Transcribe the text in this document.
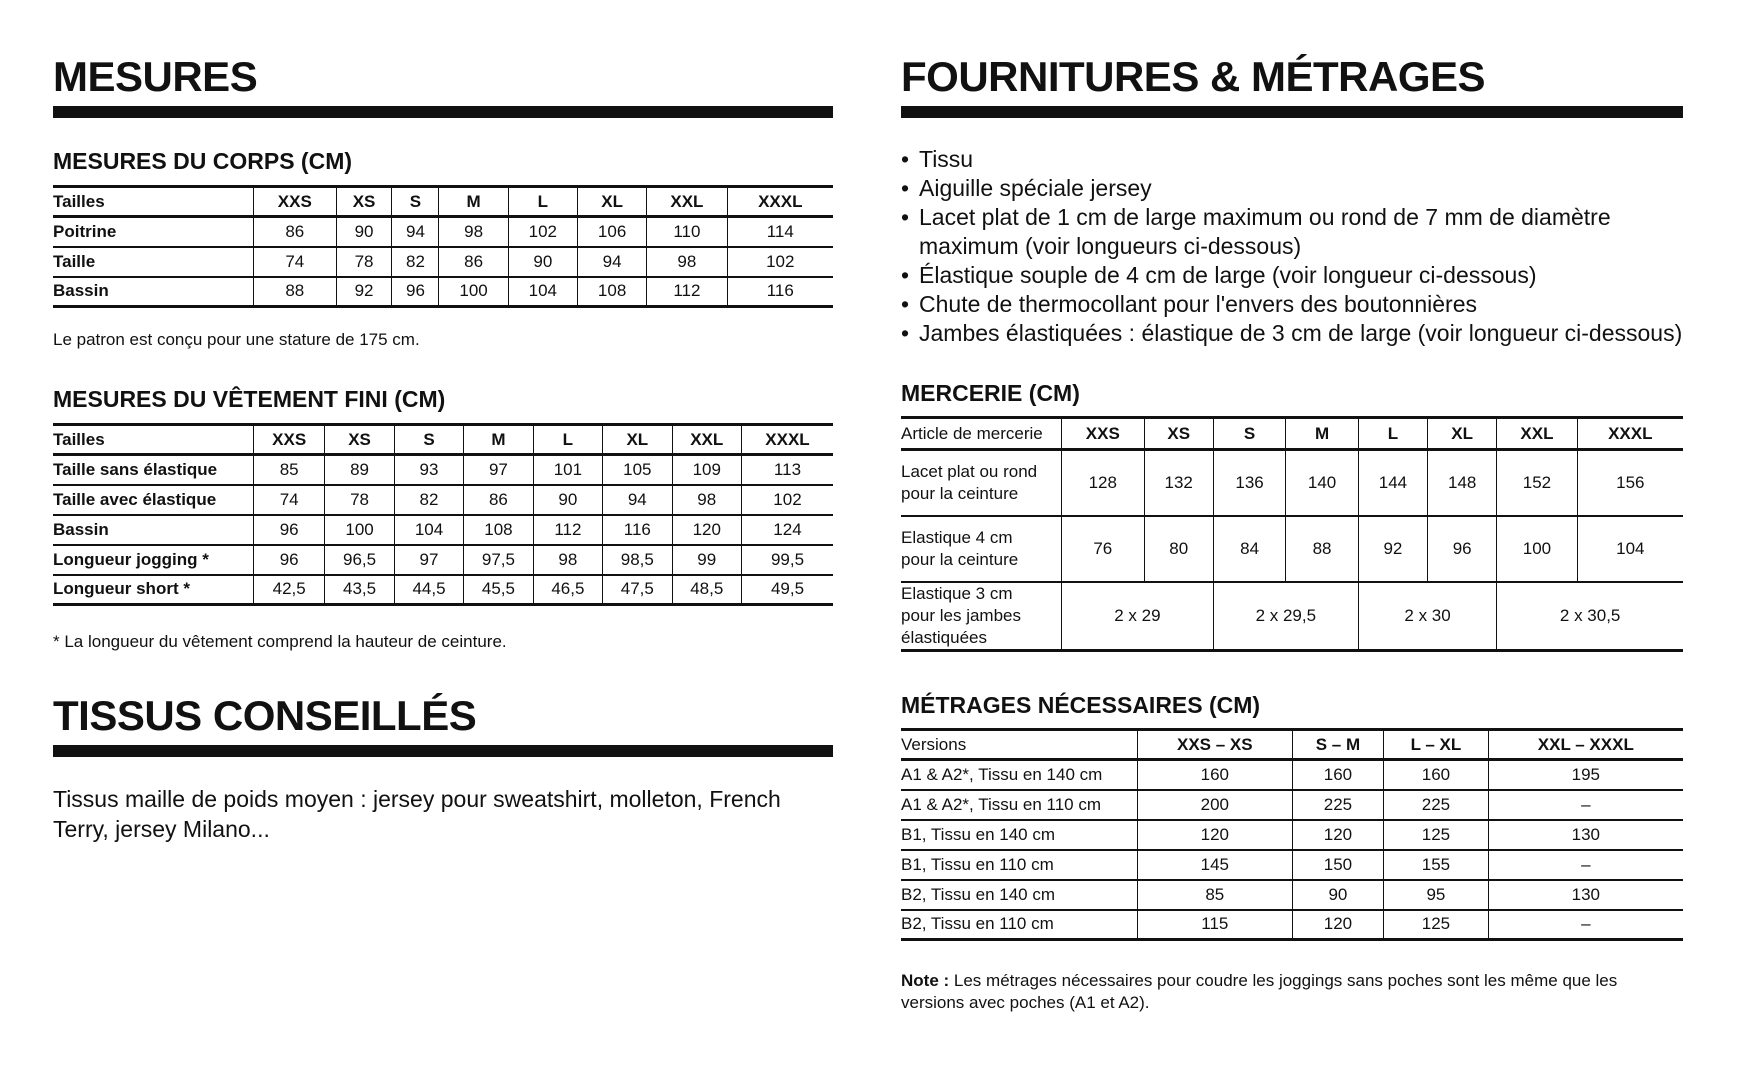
MESURES
MESURES DU CORPS (CM)
Tailles	XXS	XS	S	M	L	XL	XXL	XXXL
Poitrine	86	90	94	98	102	106	110	114
Taille	74	78	82	86	90	94	98	102
Bassin	88	92	96	100	104	108	112	116
Le patron est conçu pour une stature de 175 cm.
MESURES DU VÊTEMENT FINI (CM)
Tailles	XXS	XS	S	M	L	XL	XXL	XXXL
Taille sans élastique	85	89	93	97	101	105	109	113
Taille avec élastique	74	78	82	86	90	94	98	102
Bassin	96	100	104	108	112	116	120	124
Longueur jogging *	96	96,5	97	97,5	98	98,5	99	99,5
Longueur short *	42,5	43,5	44,5	45,5	46,5	47,5	48,5	49,5
* La longueur du vêtement comprend la hauteur de ceinture.
TISSUS CONSEILLÉS
Tissus maille de poids moyen : jersey pour sweatshirt, molleton, French Terry, jersey Milano...
FOURNITURES & MÉTRAGES
• Tissu
• Aiguille spéciale jersey
• Lacet plat de 1 cm de large maximum ou rond de 7 mm de diamètre maximum (voir longueurs ci-dessous)
• Élastique souple de 4 cm de large (voir longueur ci-dessous)
• Chute de thermocollant pour l'envers des boutonnières
• Jambes élastiquées : élastique de 3 cm de large (voir longueur ci-dessous)
MERCERIE (CM)
Article de mercerie	XXS	XS	S	M	L	XL	XXL	XXXL

Lacet plat ou rond
pour la ceinture	128	132	136	140	144	148	152	156

Elastique 4 cm
pour la ceinture	76	80	84	88	92	96	100	104

Elastique 3 cm
pour les jambes
élastiquées	2 x 29		2 x 29,5		2 x 30		2 x 30,5	
MÉTRAGES NÉCESSAIRES (CM)
Versions	XXS – XS	S – M	L – XL	XXL – XXXL
A1 & A2*, Tissu en 140 cm	160	160	160	195
A1 & A2*, Tissu en 110 cm	200	225	225	–
B1, Tissu en 140 cm	120	120	125	130
B1, Tissu en 110 cm	145	150	155	–
B2, Tissu en 140 cm	85	90	95	130
B2, Tissu en 110 cm	115	120	125	–
Note : Les métrages nécessaires pour coudre les joggings sans poches sont les même que les versions avec poches (A1 et A2).
